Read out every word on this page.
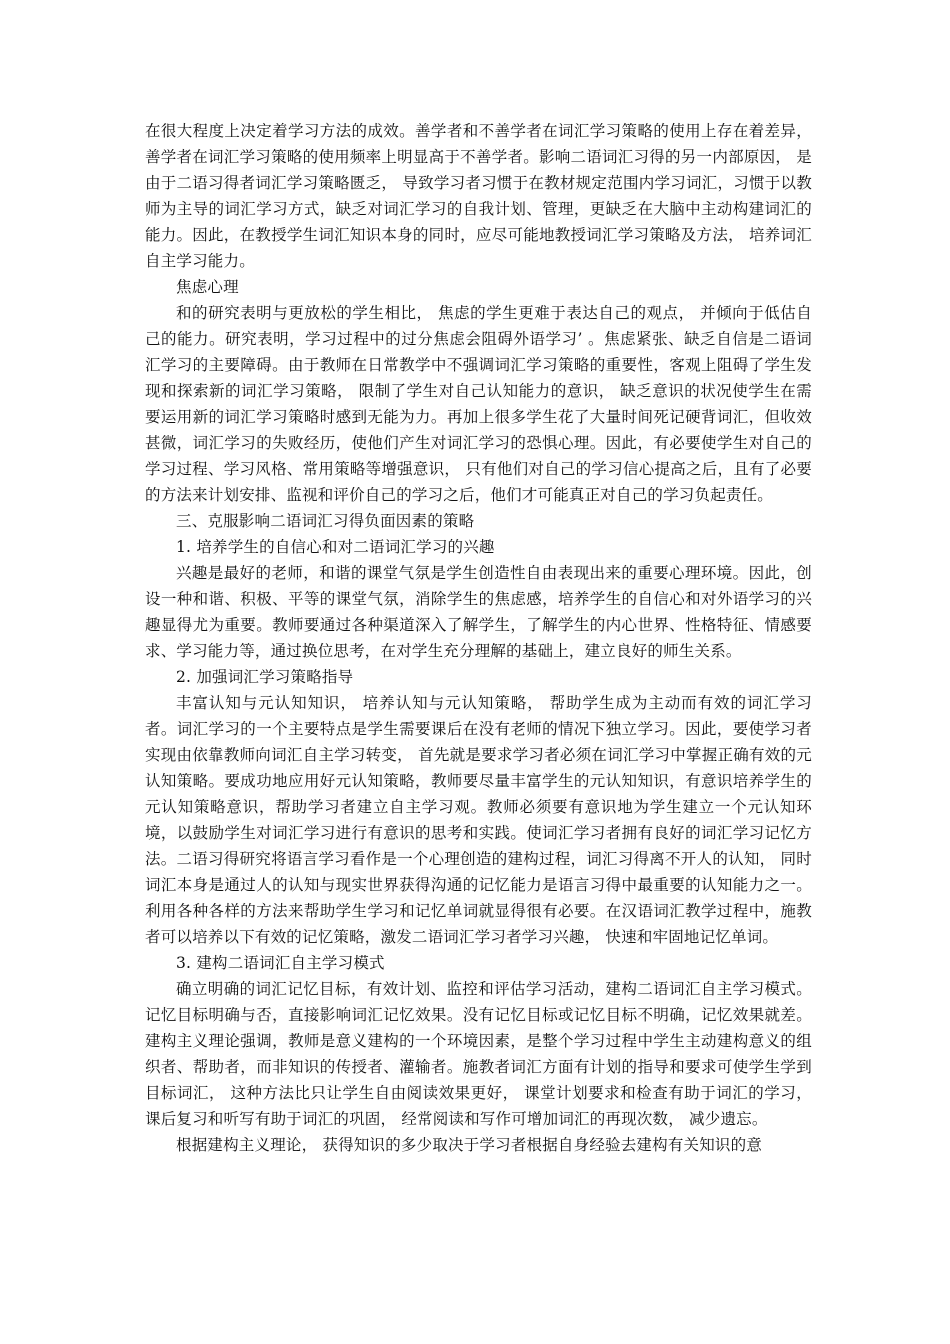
在很大程度上决定着学习方法的成效。善学者和不善学者在词汇学习策略的使用上存在着差异，善学者在词汇学习策略的使用频率上明显高于不善学者。影响二语词汇习得的另一内部原因， 是由于二语习得者词汇学习策略匮乏， 导致学习者习惯于在教材规定范围内学习词汇，习惯于以教师为主导的词汇学习方式，缺乏对词汇学习的自我计划、管理，更缺乏在大脑中主动构建词汇的能力。因此，在教授学生词汇知识本身的同时，应尽可能地教授词汇学习策略及方法， 培养词汇自主学习能力。

焦虑心理

和的研究表明与更放松的学生相比， 焦虑的学生更难于表达自己的观点， 并倾向于低估自己的能力。研究表明，学习过程中的过分焦虑会阻碍外语学习’ 。焦虑紧张、缺乏自信是二语词汇学习的主要障碍。由于教师在日常教学中不强调词汇学习策略的重要性，客观上阻碍了学生发现和探索新的词汇学习策略， 限制了学生对自己认知能力的意识， 缺乏意识的状况使学生在需要运用新的词汇学习策略时感到无能为力。再加上很多学生花了大量时间死记硬背词汇，但收效甚微，词汇学习的失败经历，使他们产生对词汇学习的恐惧心理。因此，有必要使学生对自己的学习过程、学习风格、常用策略等增强意识， 只有他们对自己的学习信心提高之后，且有了必要的方法来计划安排、监视和评价自己的学习之后，他们才可能真正对自己的学习负起责任。

三、克服影响二语词汇习得负面因素的策略

1. 培养学生的自信心和对二语词汇学习的兴趣

兴趣是最好的老师，和谐的课堂气氛是学生创造性自由表现出来的重要心理环境。因此，创设一种和谐、积极、平等的课堂气氛，消除学生的焦虑感，培养学生的自信心和对外语学习的兴趣显得尤为重要。教师要通过各种渠道深入了解学生，了解学生的内心世界、性格特征、情感要求、学习能力等，通过换位思考，在对学生充分理解的基础上，建立良好的师生关系。

2. 加强词汇学习策略指导

丰富认知与元认知知识， 培养认知与元认知策略， 帮助学生成为主动而有效的词汇学习者。词汇学习的一个主要特点是学生需要课后在没有老师的情况下独立学习。因此，要使学习者实现由依靠教师向词汇自主学习转变， 首先就是要求学习者必须在词汇学习中掌握正确有效的元认知策略。要成功地应用好元认知策略，教师要尽量丰富学生的元认知知识，有意识培养学生的元认知策略意识，帮助学习者建立自主学习观。教师必须要有意识地为学生建立一个元认知环境，以鼓励学生对词汇学习进行有意识的思考和实践。使词汇学习者拥有良好的词汇学习记忆方法。二语习得研究将语言学习看作是一个心理创造的建构过程，词汇习得离不开人的认知， 同时词汇本身是通过人的认知与现实世界获得沟通的记忆能力是语言习得中最重要的认知能力之一。利用各种各样的方法来帮助学生学习和记忆单词就显得很有必要。在汉语词汇教学过程中，施教者可以培养以下有效的记忆策略，激发二语词汇学习者学习兴趣， 快速和牢固地记忆单词。

3. 建构二语词汇自主学习模式

确立明确的词汇记忆目标，有效计划、监控和评估学习活动，建构二语词汇自主学习模式。记忆目标明确与否，直接影响词汇记忆效果。没有记忆目标或记忆目标不明确，记忆效果就差。建构主义理论强调，教师是意义建构的一个环境因素，是整个学习过程中学生主动建构意义的组织者、帮助者，而非知识的传授者、灌输者。施教者词汇方面有计划的指导和要求可使学生学到目标词汇， 这种方法比只让学生自由阅读效果更好， 课堂计划要求和检查有助于词汇的学习， 课后复习和听写有助于词汇的巩固， 经常阅读和写作可增加词汇的再现次数， 减少遗忘。

根据建构主义理论， 获得知识的多少取决于学习者根据自身经验去建构有关知识的意
